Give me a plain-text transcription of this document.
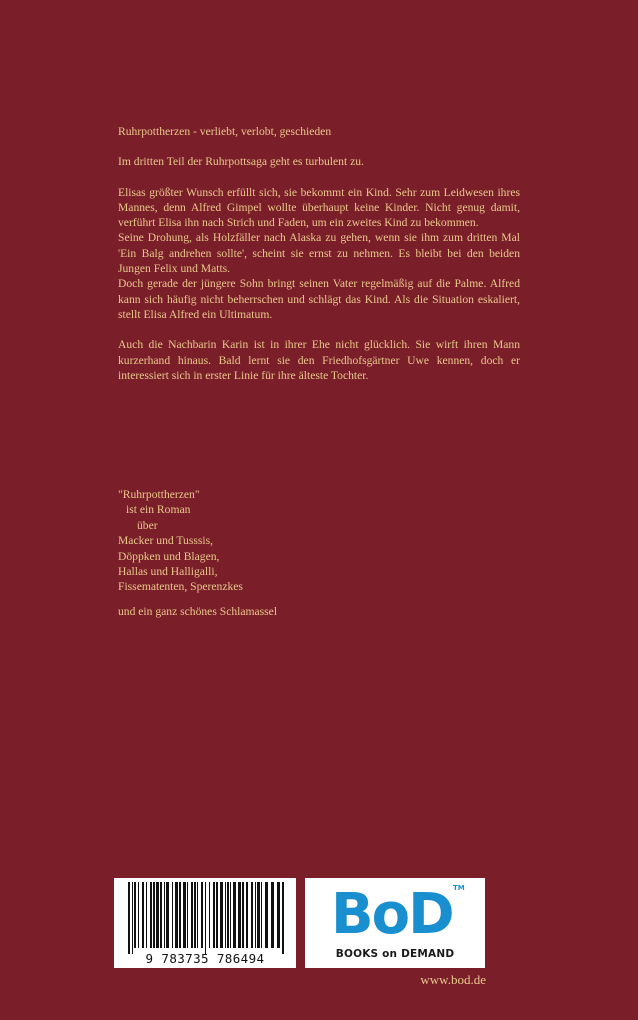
Ruhrpottherzen - verliebt, verlobt, geschieden

Im dritten Teil der Ruhrpottsaga geht es turbulent zu.

Elisas größter Wunsch erfüllt sich, sie bekommt ein Kind. Sehr zum Leidwesen ihres Mannes, denn Alfred Gimpel wollte überhaupt keine Kinder. Nicht genug damit, verführt Elisa ihn nach Strich und Faden, um ein zweites Kind zu bekommen.

Seine Drohung, als Holzfäller nach Alaska zu gehen, wenn sie ihm zum dritten Mal 'Ein Balg andrehen sollte', scheint sie ernst zu nehmen. Es bleibt bei den beiden Jungen Felix und Matts.

Doch gerade der jüngere Sohn bringt seinen Vater regelmäßig auf die Palme. Alfred kann sich häufig nicht beherrschen und schlägt das Kind. Als die Situation eskaliert, stellt Elisa Alfred ein Ultimatum.

Auch die Nachbarin Karin ist in ihrer Ehe nicht glücklich. Sie wirft ihren Mann kurzerhand hinaus. Bald lernt sie den Friedhofsgärtner Uwe kennen, doch er interessiert sich in erster Linie für ihre älteste Tochter.

"Ruhrpottherzen"
ist ein Roman
über
Macker und Tusssis,
Döppken und Blagen,
Hallas und Halligalli,
Fissematenten, Sperenzkes
und ein ganz schönes Schlamassel
9 783735 786494
BoD TM
BOOKS on DEMAND
www.bod.de
